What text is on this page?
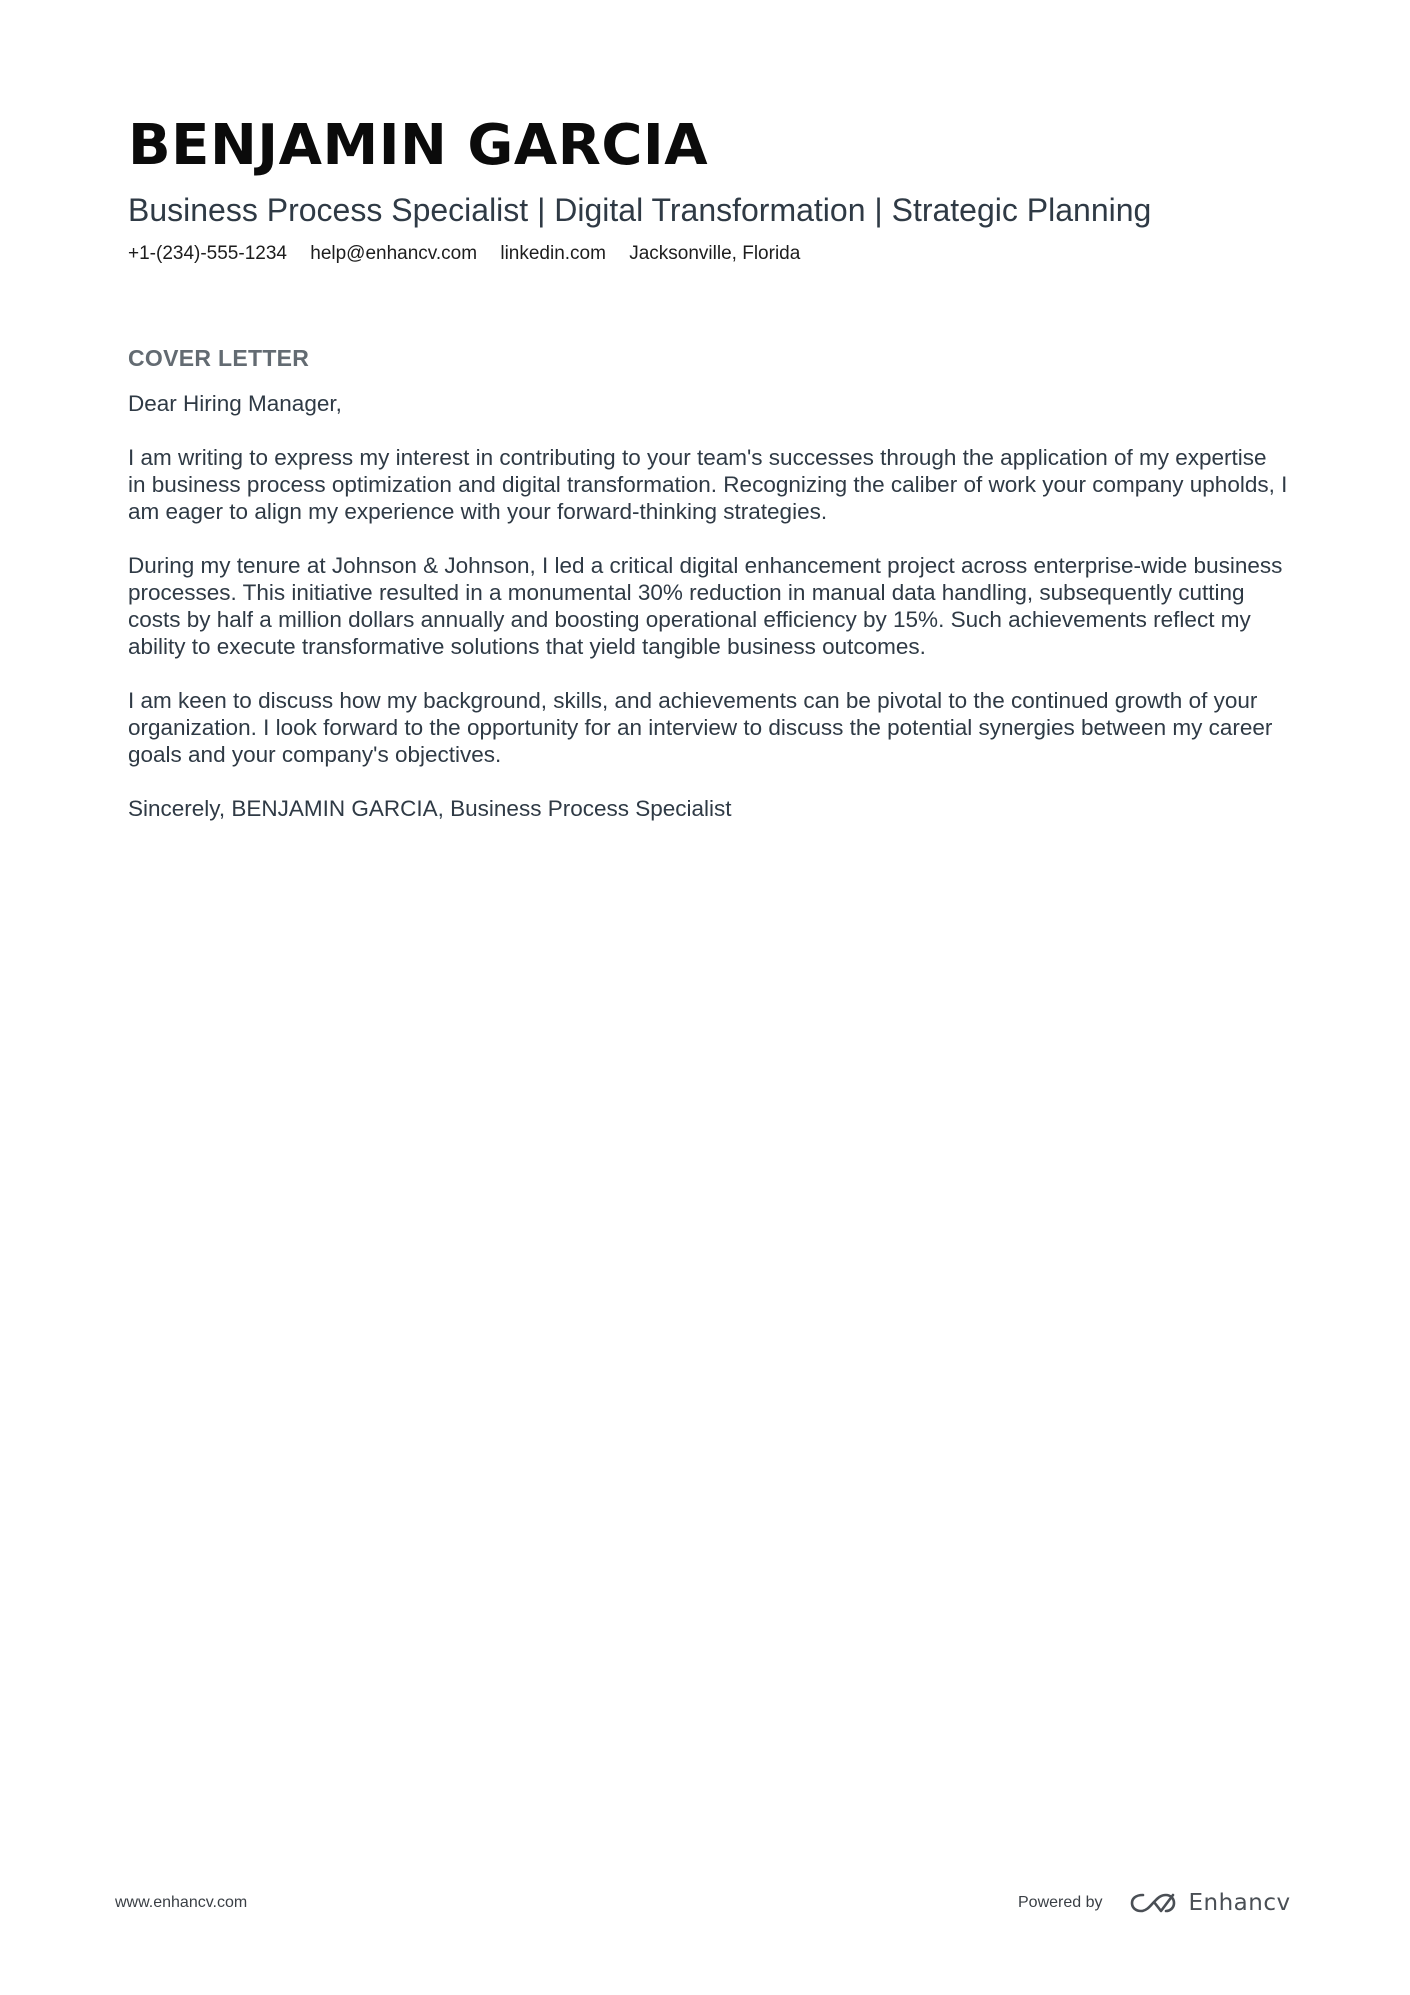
BENJAMIN GARCIA
Business Process Specialist | Digital Transformation | Strategic Planning
+1-(234)-555-1234 help@enhancv.com linkedin.com Jacksonville, Florida
COVER LETTER

Dear Hiring Manager,

I am writing to express my interest in contributing to your team's successes through the application of my expertise in business process optimization and digital transformation. Recognizing the caliber of work your company upholds, I am eager to align my experience with your forward-thinking strategies.

During my tenure at Johnson & Johnson, I led a critical digital enhancement project across enterprise-wide business processes. This initiative resulted in a monumental 30% reduction in manual data handling, subsequently cutting costs by half a million dollars annually and boosting operational efficiency by 15%. Such achievements reflect my ability to execute transformative solutions that yield tangible business outcomes.

I am keen to discuss how my background, skills, and achievements can be pivotal to the continued growth of your organization. I look forward to the opportunity for an interview to discuss the potential synergies between my career goals and your company's objectives.

Sincerely, BENJAMIN GARCIA, Business Process Specialist

www.enhancv.com	Powered by	Enhancv
